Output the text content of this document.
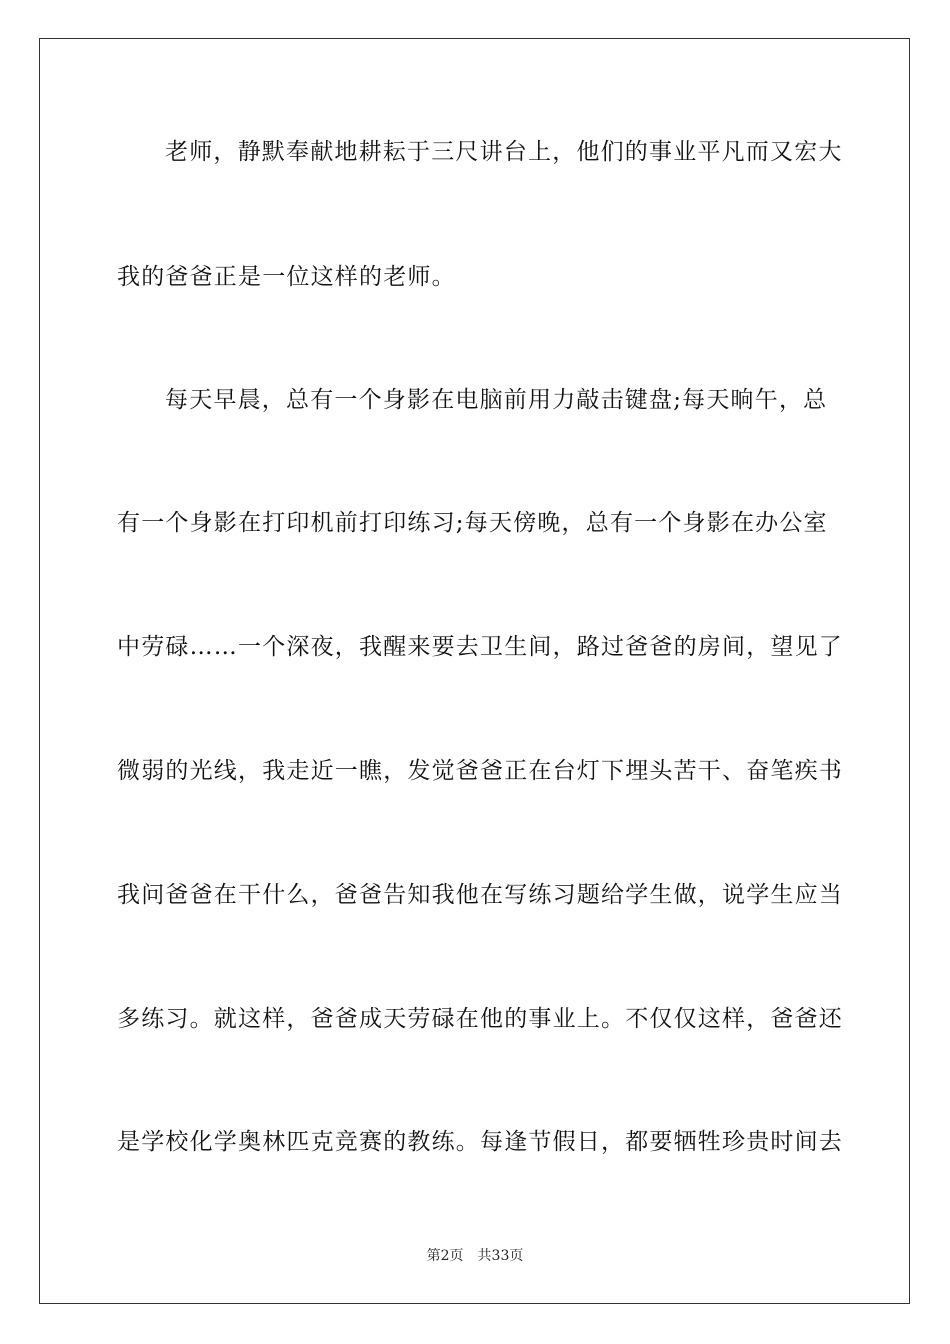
老师，静默奉献地耕耘于三尺讲台上，他们的事业平凡而又宏大
我的爸爸正是一位这样的老师。
每天早晨，总有一个身影在电脑前用力敲击键盘;每天晌午，总
有一个身影在打印机前打印练习;每天傍晚，总有一个身影在办公室
中劳碌……一个深夜，我醒来要去卫生间，路过爸爸的房间，望见了
微弱的光线，我走近一瞧，发觉爸爸正在台灯下埋头苦干、奋笔疾书
我问爸爸在干什么，爸爸告知我他在写练习题给学生做，说学生应当
多练习。就这样，爸爸成天劳碌在他的事业上。不仅仅这样，爸爸还
是学校化学奥林匹克竞赛的教练。每逢节假日，都要牺牲珍贵时间去
第2页 共33页
